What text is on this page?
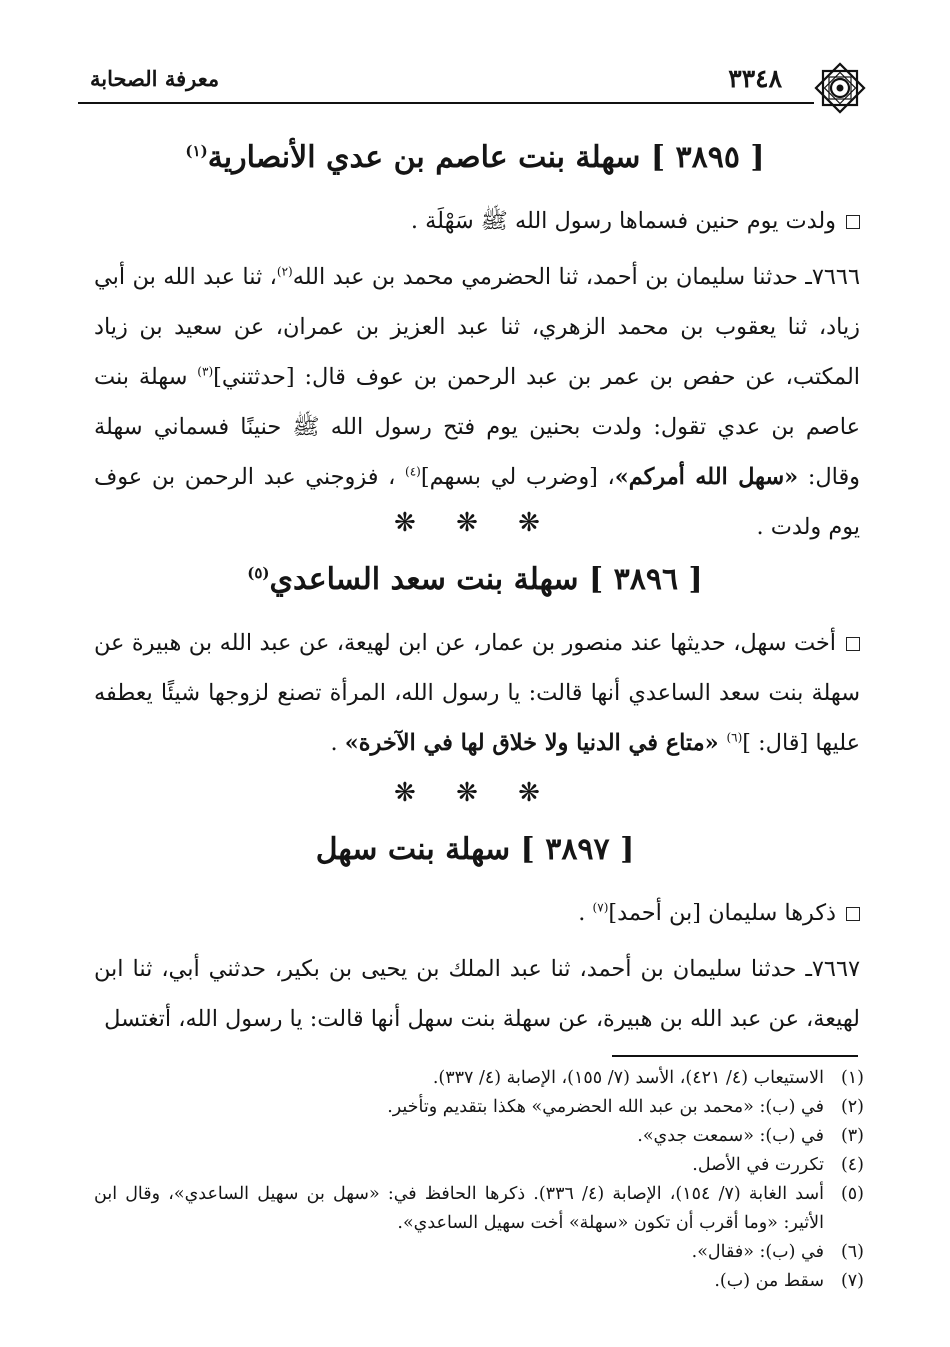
٣٣٤٨
معرفة الصحابة
[ ٣٨٩٥ ] سهلة بنت عاصم بن عدي الأنصارية$^{(١)}$
ولدت يوم حنين فسماها رسول الله ﷺ سَهْلَة .
٧٦٦٦ـ حدثنا سليمان بن أحمد، ثنا الحضرمي محمد بن عبد الله$^{(٢)}$، ثنا عبد الله بن أبي زياد، ثنا يعقوب بن محمد الزهري، ثنا عبد العزيز بن عمران، عن سعيد بن زياد المكتب، عن حفص بن عمر بن عبد الرحمن بن عوف قال: [حدثتني]$^{(٣)}$ سهلة بنت عاصم بن عدي تقول: ولدت بحنين يوم فتح رسول الله ﷺ حنينًا فسماني سهلة وقال: «سهل الله أمركم»، [وضرب لي بسهم]$^{(٤)}$ ، فزوجني عبد الرحمن بن عوف يوم ولدت .
❋ ❋ ❋
[ ٣٨٩٦ ] سهلة بنت سعد الساعدي$^{(٥)}$
أخت سهل، حديثها عند منصور بن عمار، عن ابن لهيعة، عن عبد الله بن هبيرة عن سهلة بنت سعد الساعدي أنها قالت: يا رسول الله، المرأة تصنع لزوجها شيئًا يعطفه عليها [قال: ]$^{(٦)}$ «متاع في الدنيا ولا خلاق لها في الآخرة» .
❋ ❋ ❋
[ ٣٨٩٧ ] سهلة بنت سهل
ذكرها سليمان [بن أحمد]$^{(٧)}$ .
٧٦٦٧ـ حدثنا سليمان بن أحمد، ثنا عبد الملك بن يحيى بن بكير، حدثني أبي، ثنا ابن لهيعة، عن عبد الله بن هبيرة، عن سهلة بنت سهل أنها قالت: يا رسول الله، أتغتسل
(١)
الاستيعاب (٤/ ٤٢١)، الأسد (٧/ ١٥٥)، الإصابة (٤/ ٣٣٧).
(٢)
في (ب): «محمد بن عبد الله الحضرمي» هكذا بتقديم وتأخير.
(٣)
في (ب): «سمعت جدي».
(٤)
تكررت في الأصل.
(٥)
أسد الغابة (٧/ ١٥٤)، الإصابة (٤/ ٣٣٦). ذكرها الحافظ في: «سهل بن سهيل الساعدي»، وقال ابن الأثير: «وما أقرب أن تكون «سهلة» أخت سهيل الساعدي».
(٦)
في (ب): «فقال».
(٧)
سقط من (ب).
